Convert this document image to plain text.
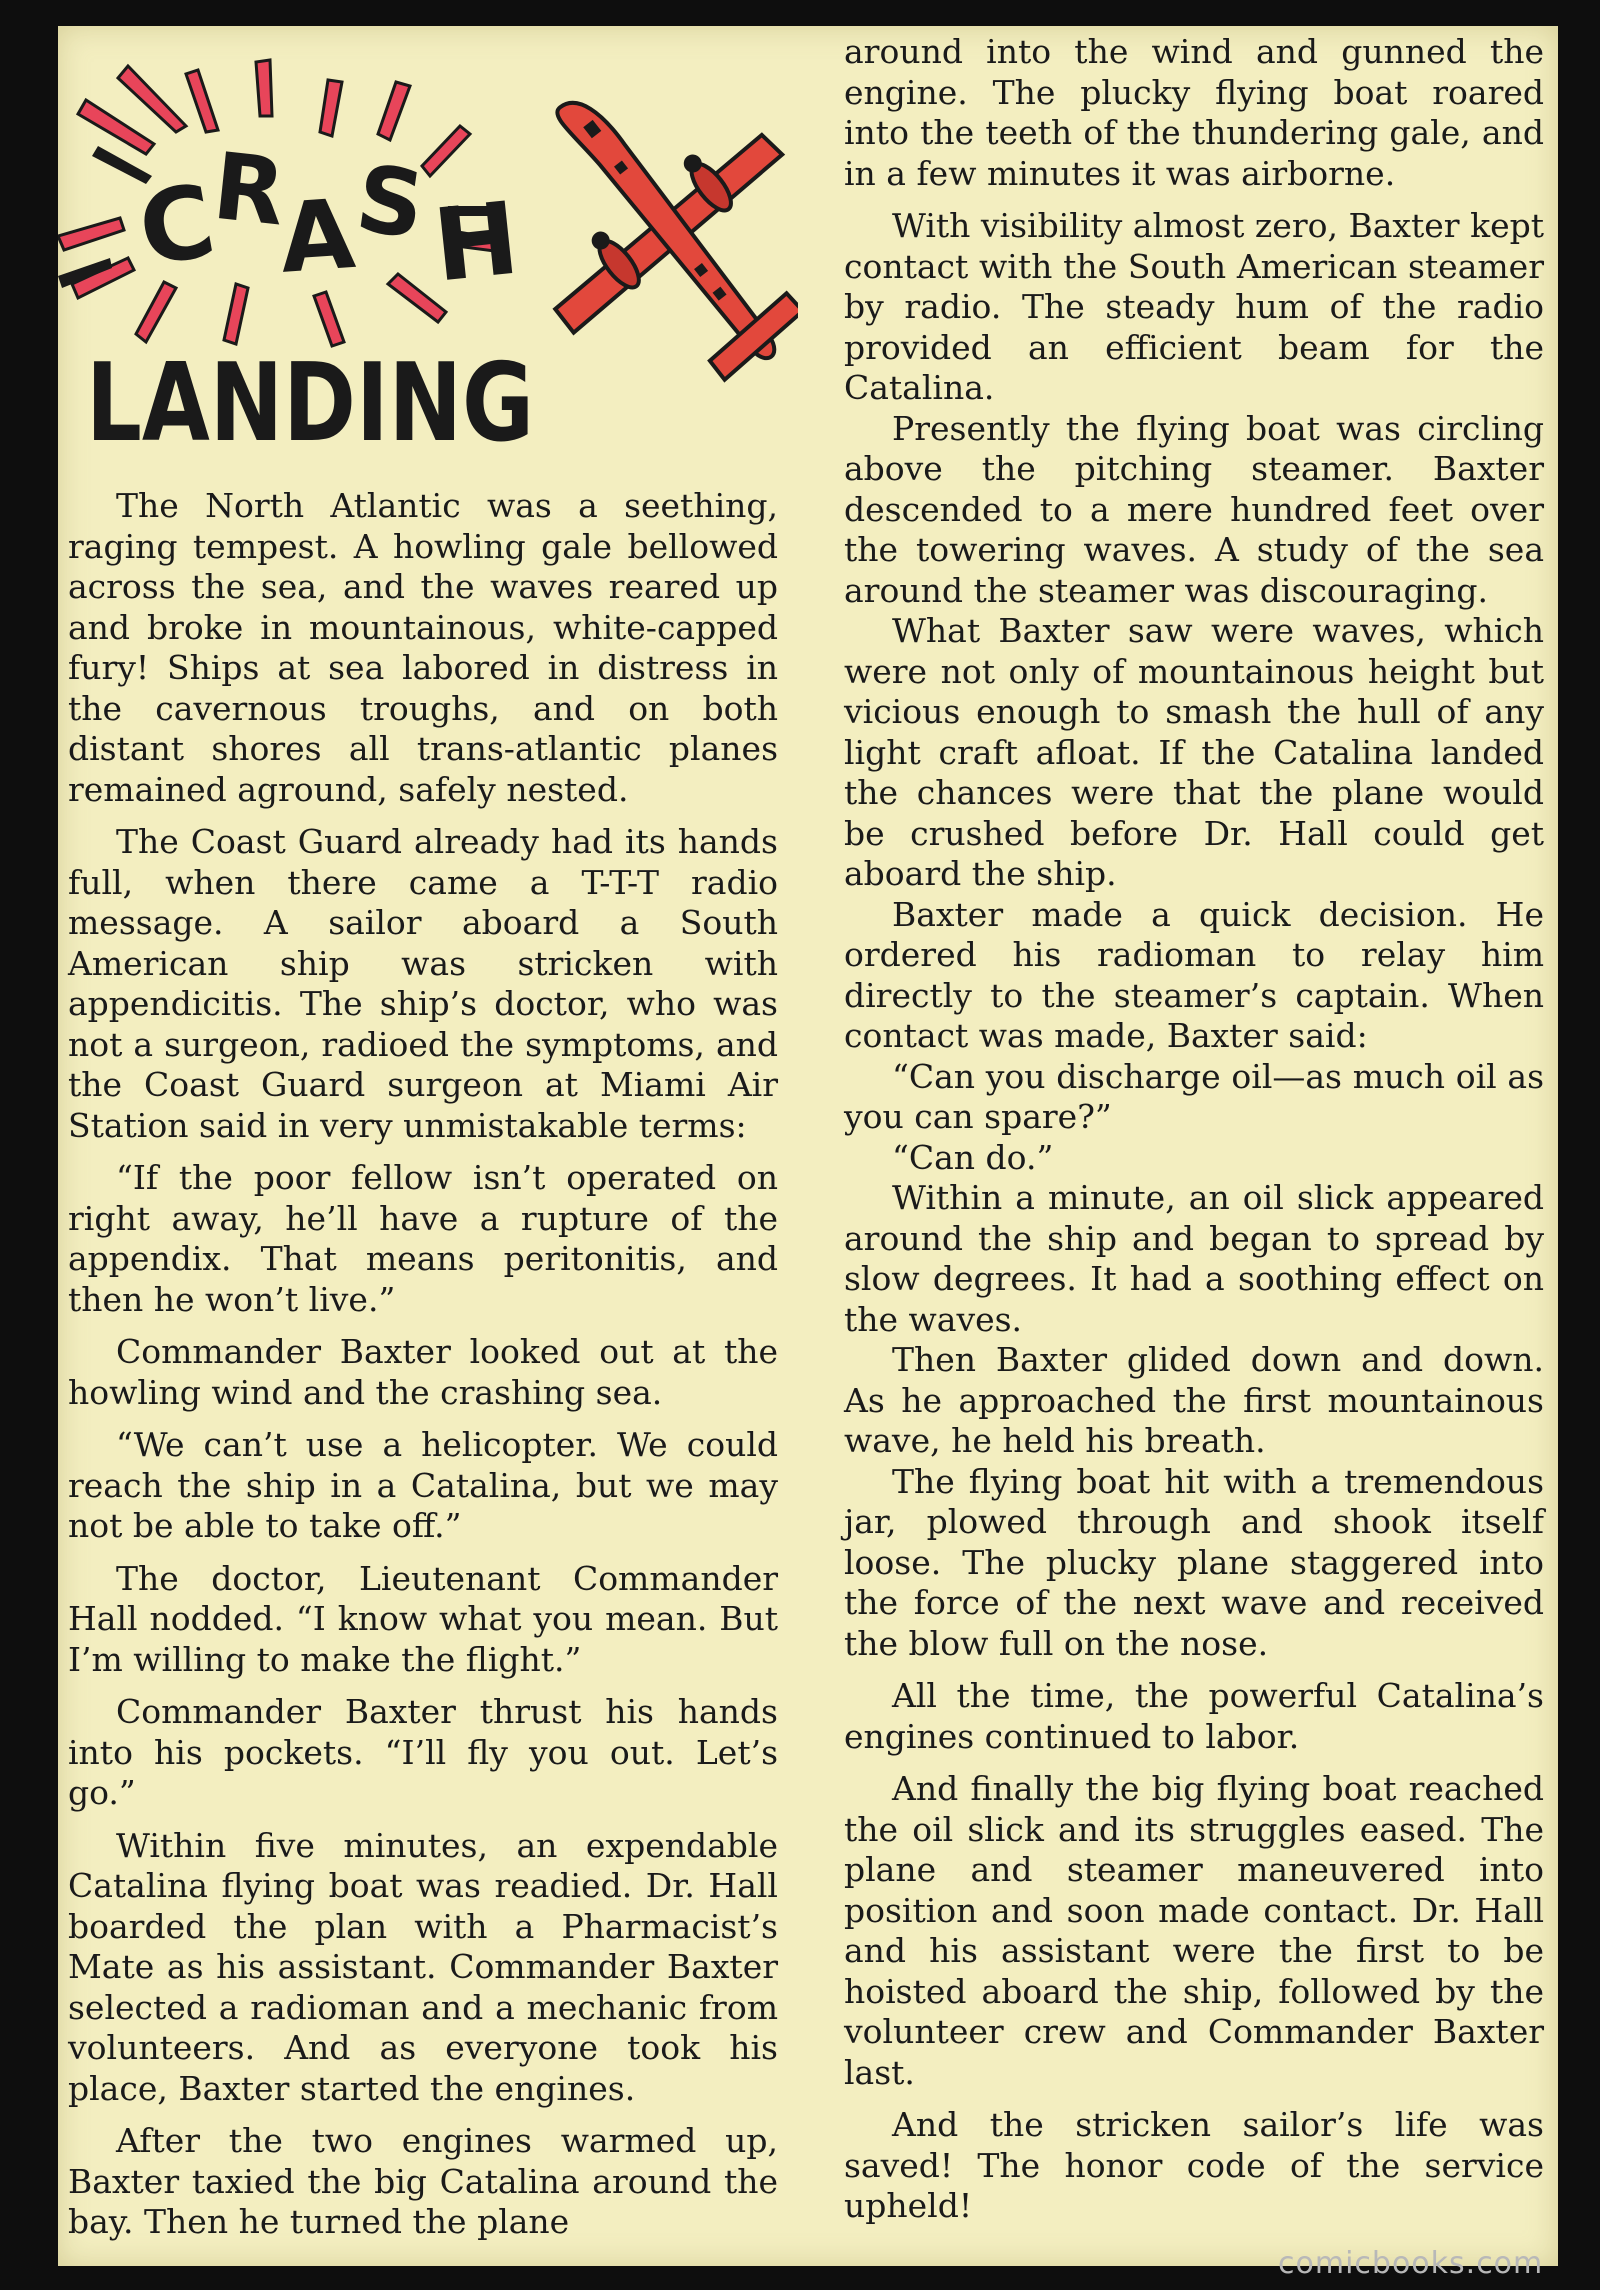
C
R
A
S
H
LANDING

The North Atlantic was a seething, raging tempest. A howling gale bellowed across the sea, and the waves reared up and broke in mountainous, white-capped fury! Ships at sea labored in distress in the cavernous troughs, and on both distant shores all trans-atlantic planes remained aground, safely nested.

The Coast Guard already had its hands full, when there came a T-T-T radio message. A sailor aboard a South American ship was stricken with appendicitis. The ship’s doctor, who was not a surgeon, radioed the symptoms, and the Coast Guard surgeon at Miami Air Station said in very unmistakable terms:

“If the poor fellow isn’t operated on right away, he’ll have a rupture of the appendix. That means peritonitis, and then he won’t live.”

Commander Baxter looked out at the howling wind and the crashing sea.

“We can’t use a helicopter. We could reach the ship in a Catalina, but we may not be able to take off.”

The doctor, Lieutenant Commander Hall nodded. “I know what you mean. But I’m willing to make the flight.”

Commander Baxter thrust his hands into his pockets. “I’ll fly you out. Let’s go.”

Within five minutes, an expendable Catalina flying boat was readied. Dr. Hall boarded the plan with a Pharmacist’s Mate as his assistant. Commander Baxter selected a radioman and a mechanic from volunteers. And as everyone took his place, Baxter started the engines.

After the two engines warmed up, Baxter taxied the big Catalina around the bay. Then he turned the plane

around into the wind and gunned the engine. The plucky flying boat roared into the teeth of the thundering gale, and in a few minutes it was airborne.

With visibility almost zero, Baxter kept contact with the South American steamer by radio. The steady hum of the radio provided an efficient beam for the Catalina.

Presently the flying boat was circling above the pitching steamer. Baxter descended to a mere hundred feet over the towering waves. A study of the sea around the steamer was discouraging.

What Baxter saw were waves, which were not only of mountainous height but vicious enough to smash the hull of any light craft afloat. If the Catalina landed the chances were that the plane would be crushed before Dr. Hall could get aboard the ship.

Baxter made a quick decision. He ordered his radioman to relay him directly to the steamer’s captain. When contact was made, Baxter said:

“Can you discharge oil—as much oil as you can spare?”

“Can do.”

Within a minute, an oil slick appeared around the ship and began to spread by slow degrees. It had a soothing effect on the waves.

Then Baxter glided down and down. As he approached the first mountainous wave, he held his breath.

The flying boat hit with a tremendous jar, plowed through and shook itself loose. The plucky plane staggered into the force of the next wave and received the blow full on the nose.

All the time, the powerful Catalina’s engines continued to labor.

And finally the big flying boat reached the oil slick and its struggles eased. The plane and steamer maneuvered into position and soon made contact. Dr. Hall and his assistant were the first to be hoisted aboard the ship, followed by the volunteer crew and Commander Baxter last.

And the stricken sailor’s life was saved! The honor code of the service upheld!

comicbooks.com
